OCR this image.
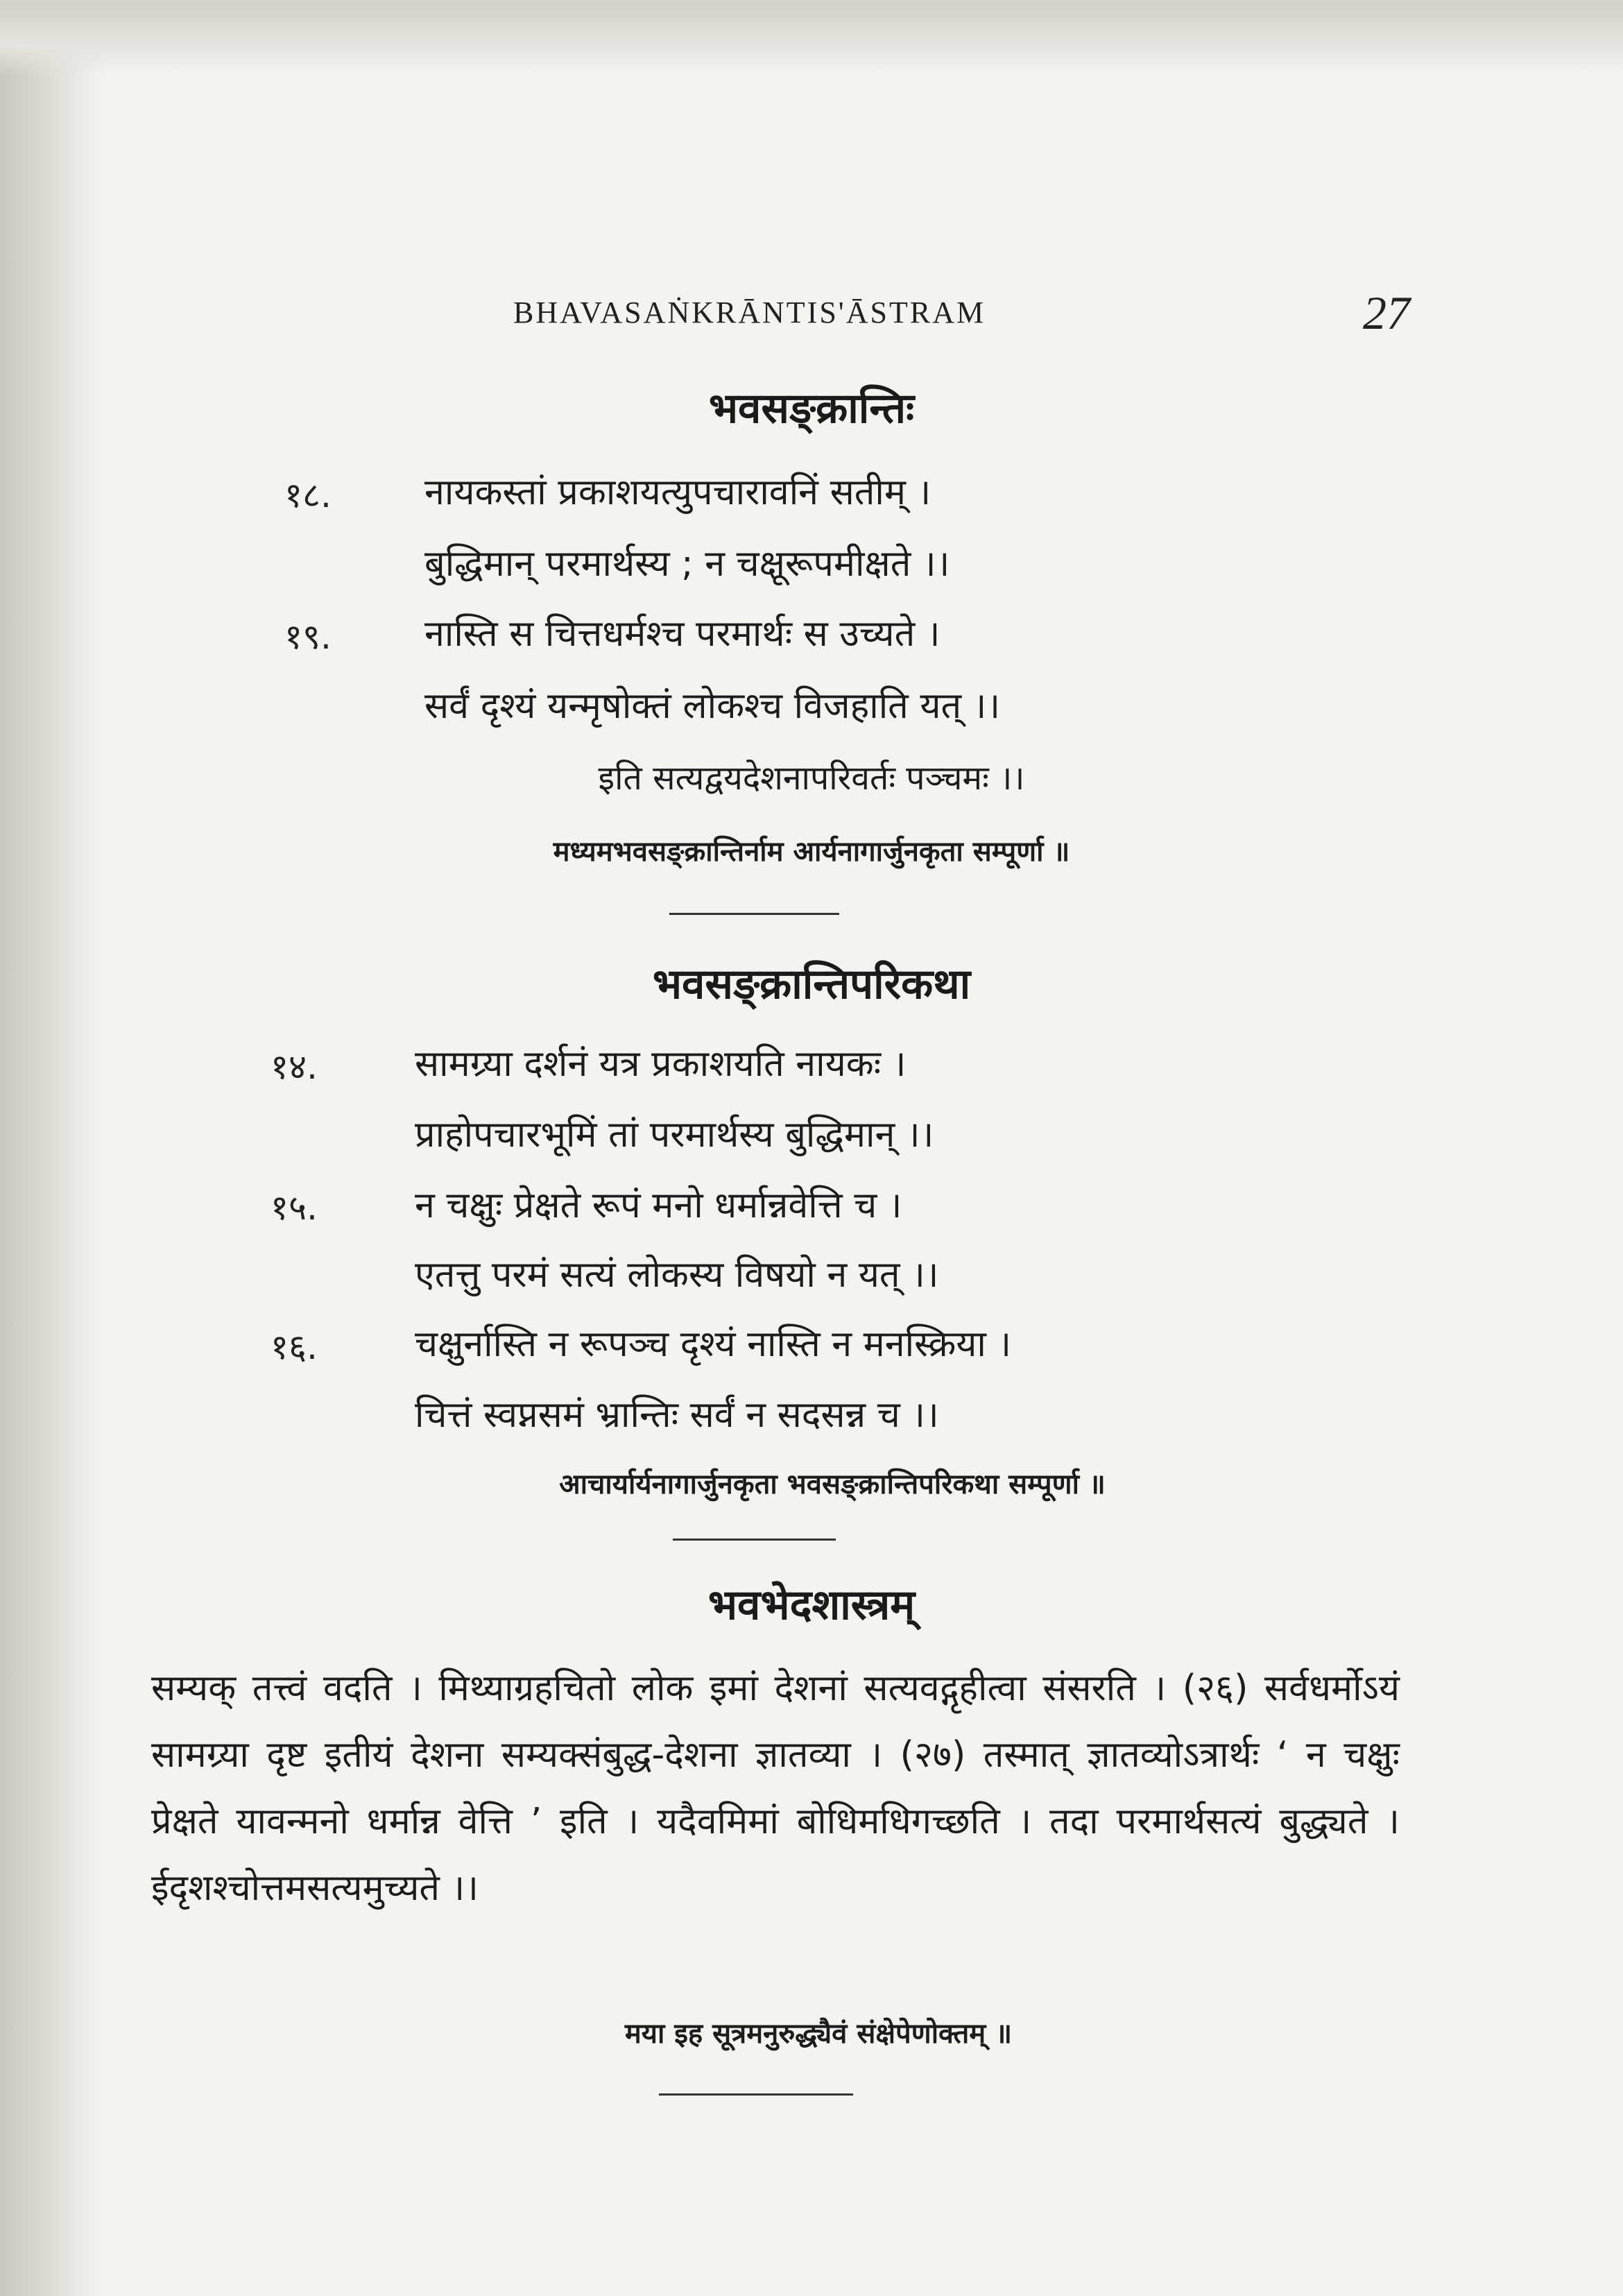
BHAVASAṄKRĀNTIS'ĀSTRAM	27
भवसङ्क्रान्तिः
१८.	नायकस्तां प्रकाशयत्युपचारावनिं सतीम् ।
बुद्धिमान् परमार्थस्य ; न चक्षूरूपमीक्षते ।।
१९.	नास्ति स चित्तधर्मश्च परमार्थः स उच्यते ।
सर्वं दृश्यं यन्मृषोक्तं लोकश्च विजहाति यत् ।।
इति सत्यद्वयदेशनापरिवर्तः पञ्चमः ।।
मध्यमभवसङ्क्रान्तिर्नाम आर्यनागार्जुनकृता सम्पूर्णा ॥
भवसङ्क्रान्तिपरिकथा
१४.	सामग्र्या दर्शनं यत्र प्रकाशयति नायकः ।
प्राहोपचारभूमिं तां परमार्थस्य बुद्धिमान् ।।
१५.	न चक्षुः प्रेक्षते रूपं मनो धर्मान्नवेत्ति च ।
एतत्तु परमं सत्यं लोकस्य विषयो न यत् ।।
१६.	चक्षुर्नास्ति न रूपञ्च दृश्यं नास्ति न मनस्क्रिया ।
चित्तं स्वप्नसमं भ्रान्तिः सर्वं न सदसन्न च ।।
आचार्यार्यनागार्जुनकृता भवसङ्क्रान्तिपरिकथा सम्पूर्णा ॥
भवभेदशास्त्रम्
सम्यक् तत्त्वं वदति । मिथ्याग्रहचितो लोक इमां देशनां सत्यवद्गृहीत्वा संसरति । (२६) सर्वधर्मोऽयं सामग्र्या दृष्ट इतीयं देशना सम्यक्संबुद्ध-देशना ज्ञातव्या । (२७) तस्मात् ज्ञातव्योऽत्रार्थः ‘ न चक्षुः प्रेक्षते यावन्मनो धर्मान्न वेत्ति ’ इति । यदैवमिमां बोधिमधिगच्छति । तदा परमार्थसत्यं बुद्ध्यते । ईदृशश्चोत्तमसत्यमुच्यते ।।
मया इह सूत्रमनुरुद्ध्यैवं संक्षेपेणोक्तम् ॥
